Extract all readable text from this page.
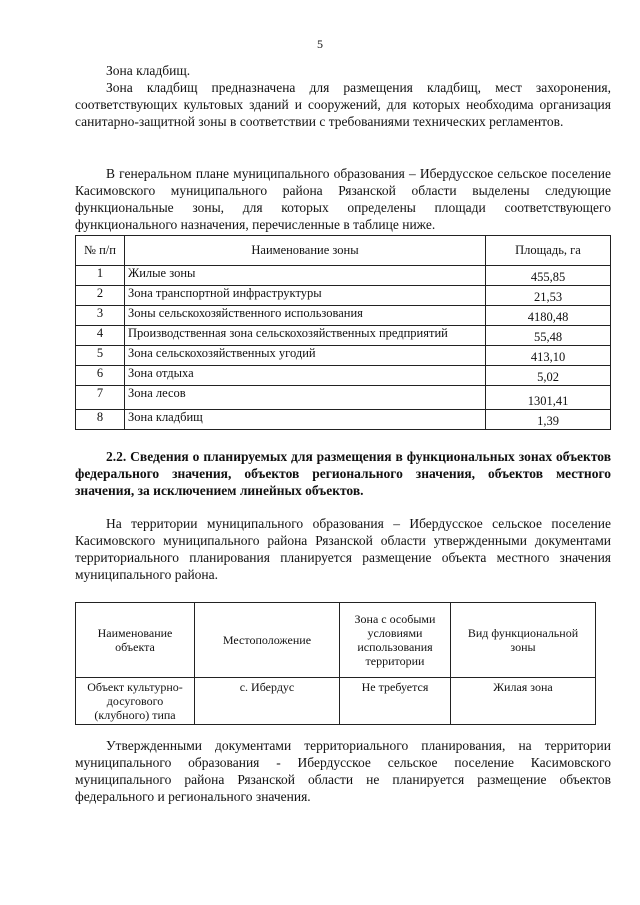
5

Зона кладбищ.

Зона кладбищ предназначена для размещения кладбищ, мест захоронения, соответствующих культовых зданий и сооружений, для которых необходима организация санитарно-защитной зоны в соответствии с требованиями технических регламентов.

В генеральном плане муниципального образования – Ибердусское сельское поселение Касимовского муниципального района Рязанской области выделены следующие функциональные зоны, для которых определены площади соответствующего функционального назначения, перечисленные в таблице ниже.

№ п/п	Наименование зоны	Площадь, га
1	Жилые зоны	455,85
2	Зона транспортной инфраструктуры	21,53
3	Зоны сельскохозяйственного использования	4180,48
4	Производственная зона сельскохозяйственных предприятий	55,48
5	Зона сельскохозяйственных угодий	413,10
6	Зона отдыха	5,02
7	Зона лесов	1301,41
8	Зона кладбищ	1,39

2.2. Сведения о планируемых для размещения в функциональных зонах объектов федерального значения, объектов регионального значения, объектов местного значения, за исключением линейных объектов.

На территории муниципального образования – Ибердусское сельское поселение Касимовского муниципального района Рязанской области утвержденными документами территориального планирования планируется размещение объекта местного значения муниципального района.

Наименование объекта	Местоположение	Зона с особыми условиями использования территории	Вид функциональной зоны
Объект культурно-досугового (клубного) типа	с. Ибердус	Не требуется	Жилая зона

Утвержденными документами территориального планирования, на территории муниципального образования - Ибердусское сельское поселение Касимовского муниципального района Рязанской области не планируется размещение объектов федерального и регионального значения.
